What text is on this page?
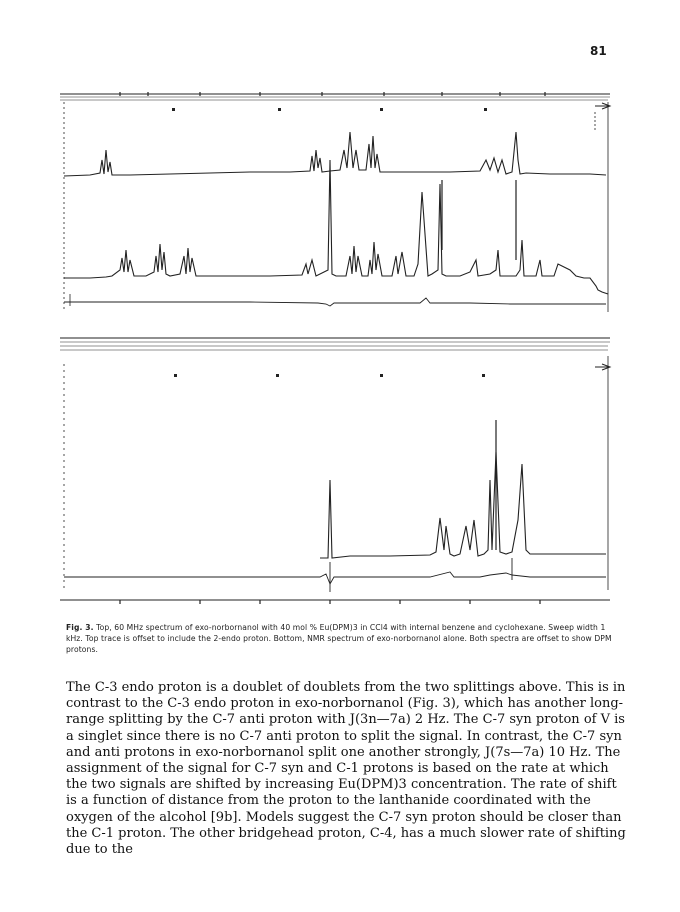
81
Fig. 3. Top, 60 MHz spectrum of exo-norbornanol with 40 mol % Eu(DPM)3 in CCl4 with internal benzene and cyclohexane. Sweep width 1 kHz. Top trace is offset to include the 2-endo proton. Bottom, NMR spectrum of exo-norbornanol alone. Both spectra are offset to show DPM protons.

The C-3 endo proton is a doublet of doublets from the two splittings above. This is in contrast to the C-3 endo proton in exo-norbornanol (Fig. 3), which has another long-range splitting by the C-7 anti proton with J(3n—7a) 2 Hz. The C-7 syn proton of V is a singlet since there is no C-7 anti proton to split the signal. In contrast, the C-7 syn and anti protons in exo-norbornanol split one another strongly, J(7s—7a) 10 Hz. The assignment of the signal for C-7 syn and C-1 protons is based on the rate at which the two signals are shifted by increasing Eu(DPM)3 concentration. The rate of shift is a function of distance from the proton to the lanthanide coordinated with the oxygen of the alcohol [9b]. Models suggest the C-7 syn proton should be closer than the C-1 proton. The other bridgehead proton, C-4, has a much slower rate of shifting due to the
